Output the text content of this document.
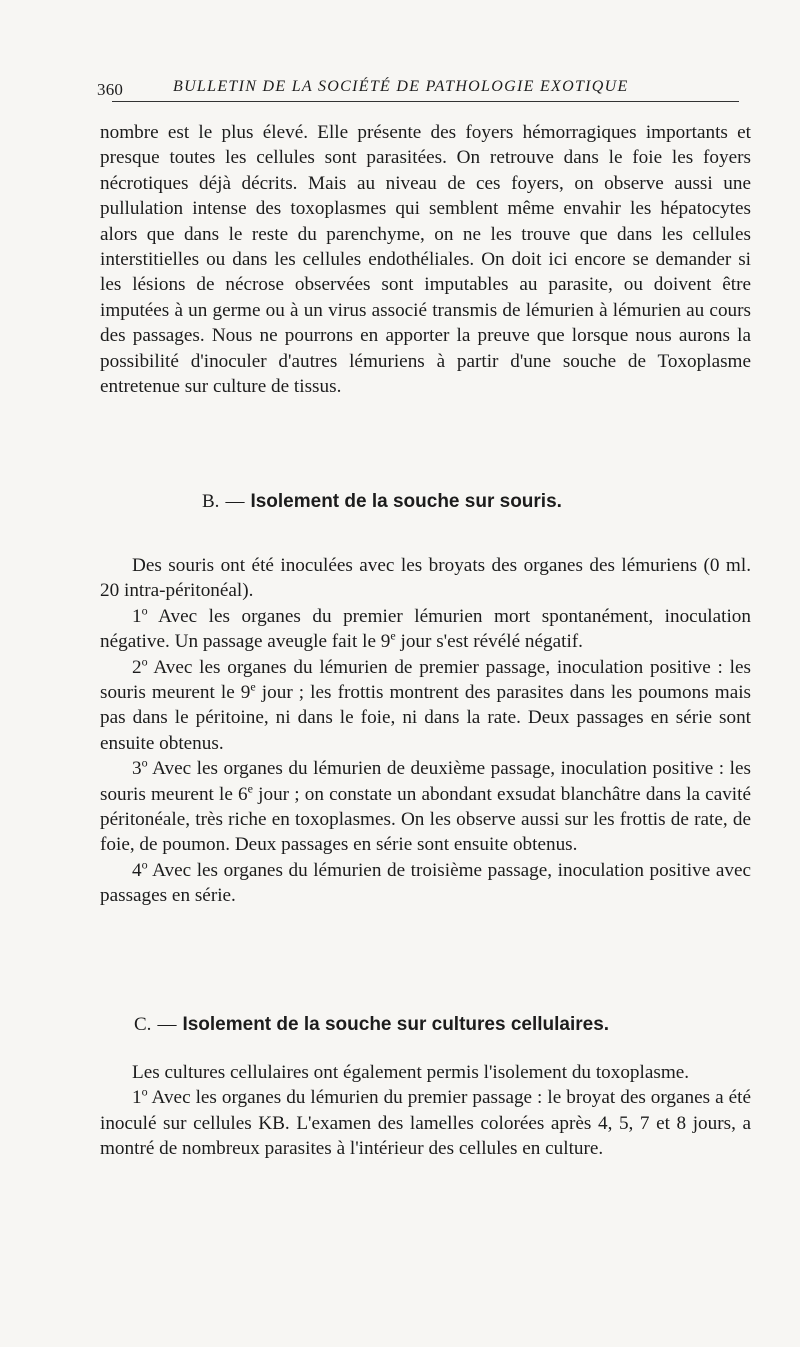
360	BULLETIN DE LA SOCIÉTÉ DE PATHOLOGIE EXOTIQUE

nombre est le plus élevé. Elle présente des foyers hémorragiques importants et presque toutes les cellules sont parasitées. On retrouve dans le foie les foyers nécrotiques déjà décrits. Mais au niveau de ces foyers, on observe aussi une pullulation intense des toxoplasmes qui semblent même envahir les hépatocytes alors que dans le reste du parenchyme, on ne les trouve que dans les cellules interstitielles ou dans les cellules endothéliales. On doit ici encore se demander si les lésions de nécrose observées sont imputables au parasite, ou doivent être imputées à un germe ou à un virus associé transmis de lémurien à lémurien au cours des passages. Nous ne pourrons en apporter la preuve que lorsque nous aurons la possibilité d'inoculer d'autres lémuriens à partir d'une souche de Toxoplasme entretenue sur culture de tissus.

B. — Isolement de la souche sur souris.

Des souris ont été inoculées avec les broyats des organes des lémuriens (0 ml. 20 intra-péritonéal).

1$^o$ Avec les organes du premier lémurien mort spontanément, inoculation négative. Un passage aveugle fait le 9e jour s'est révélé négatif.

2$^o$ Avec les organes du lémurien de premier passage, inoculation positive : les souris meurent le 9e jour ; les frottis montrent des parasites dans les poumons mais pas dans le péritoine, ni dans le foie, ni dans la rate. Deux passages en série sont ensuite obtenus.

3$^o$ Avec les organes du lémurien de deuxième passage, inoculation positive : les souris meurent le 6e jour ; on constate un abondant exsudat blanchâtre dans la cavité péritonéale, très riche en toxoplasmes. On les observe aussi sur les frottis de rate, de foie, de poumon. Deux passages en série sont ensuite obtenus.

4$^o$ Avec les organes du lémurien de troisième passage, inoculation positive avec passages en série.

C. — Isolement de la souche sur cultures cellulaires.

Les cultures cellulaires ont également permis l'isolement du toxoplasme.

1$^o$ Avec les organes du lémurien du premier passage : le broyat des organes a été inoculé sur cellules KB. L'examen des lamelles colorées après 4, 5, 7 et 8 jours, a montré de nombreux parasites à l'intérieur des cellules en culture.
